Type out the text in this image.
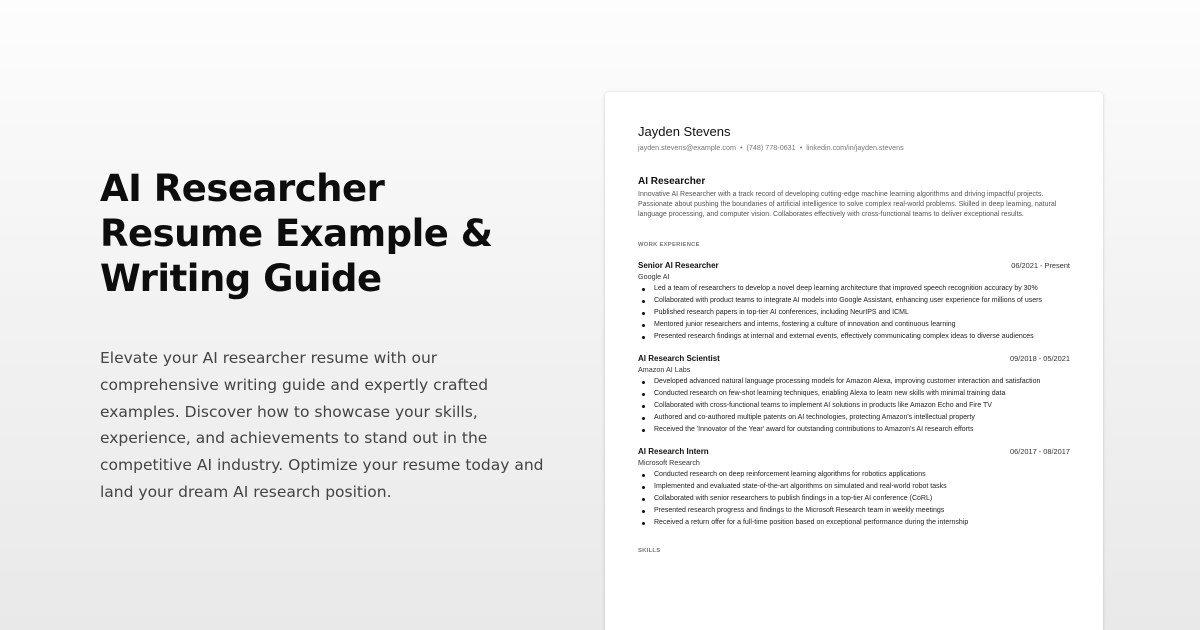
AI Researcher
Resume Example &
Writing Guide

Elevate your AI researcher resume with our comprehensive writing guide and expertly crafted examples. Discover how to showcase your skills, experience, and achievements to stand out in the competitive AI industry. Optimize your resume today and land your dream AI research position.

Jayden Stevens
jayden.stevens@example.com • (748) 778-0631 • linkedin.com/in/jayden.stevens
AI Researcher
Innovative AI Researcher with a track record of developing cutting-edge machine learning algorithms and driving impactful projects. Passionate about pushing the boundaries of artificial intelligence to solve complex real-world problems. Skilled in deep learning, natural language processing, and computer vision. Collaborates effectively with cross-functional teams to deliver exceptional results.
WORK EXPERIENCE
Senior AI Researcher	06/2021 - Present
Google AI
Led a team of researchers to develop a novel deep learning architecture that improved speech recognition accuracy by 30%
Collaborated with product teams to integrate AI models into Google Assistant, enhancing user experience for millions of users
Published research papers in top-tier AI conferences, including NeurIPS and ICML
Mentored junior researchers and interns, fostering a culture of innovation and continuous learning
Presented research findings at internal and external events, effectively communicating complex ideas to diverse audiences
AI Research Scientist	09/2018 - 05/2021
Amazon AI Labs
Developed advanced natural language processing models for Amazon Alexa, improving customer interaction and satisfaction
Conducted research on few-shot learning techniques, enabling Alexa to learn new skills with minimal training data
Collaborated with cross-functional teams to implement AI solutions in products like Amazon Echo and Fire TV
Authored and co-authored multiple patents on AI technologies, protecting Amazon's intellectual property
Received the 'Innovator of the Year' award for outstanding contributions to Amazon's AI research efforts
AI Research Intern	06/2017 - 08/2017
Microsoft Research
Conducted research on deep reinforcement learning algorithms for robotics applications
Implemented and evaluated state-of-the-art algorithms on simulated and real-world robot tasks
Collaborated with senior researchers to publish findings in a top-tier AI conference (CoRL)
Presented research progress and findings to the Microsoft Research team in weekly meetings
Received a return offer for a full-time position based on exceptional performance during the internship
SKILLS
